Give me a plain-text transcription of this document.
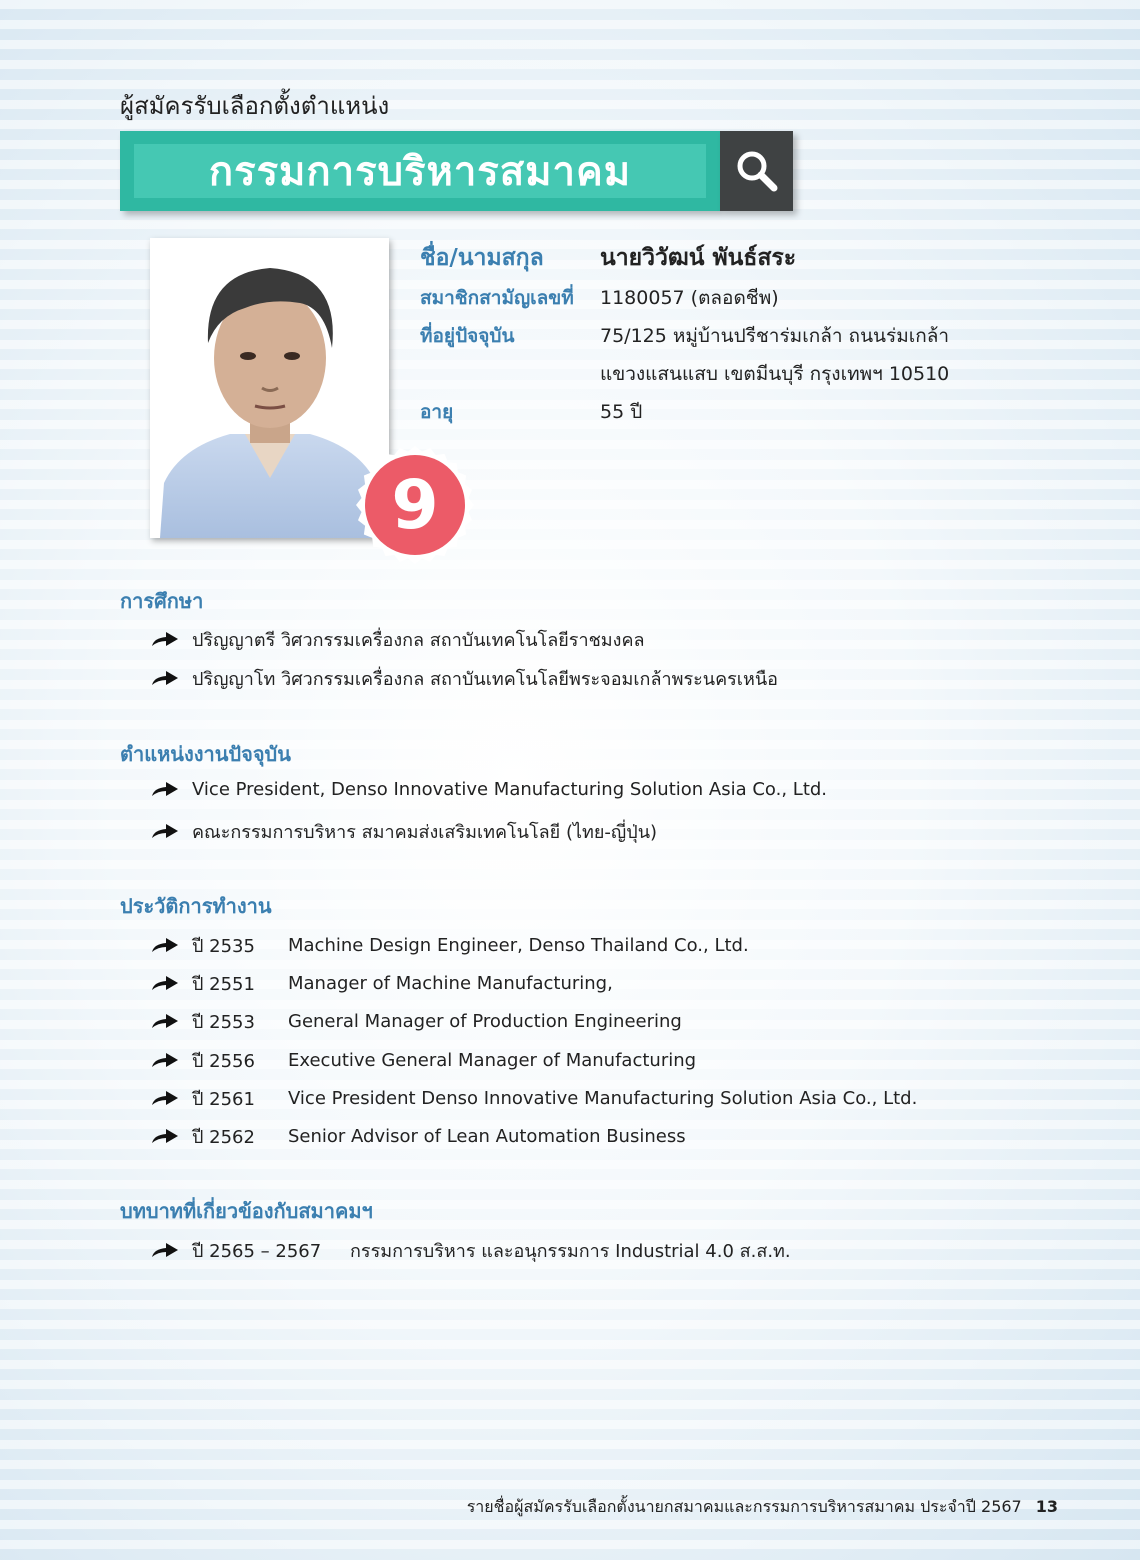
ผู้สมัครรับเลือกตั้งตำแหน่ง
กรรมการบริหารสมาคม
9
ชื่อ/นามสกุล นายวิวัฒน์ พันธ์สระ
สมาชิกสามัญเลขที่ 1180057 (ตลอดชีพ)
ที่อยู่ปัจจุบัน	75/125 หมู่บ้านปรีชาร่มเกล้า ถนนร่มเกล้า
แขวงแสนแสบ เขตมีนบุรี กรุงเทพฯ 10510
อายุ	55 ปี
การศึกษา
ปริญญาตรี วิศวกรรมเครื่องกล สถาบันเทคโนโลยีราชมงคล
ปริญญาโท วิศวกรรมเครื่องกล สถาบันเทคโนโลยีพระจอมเกล้าพระนครเหนือ
ตำแหน่งงานปัจจุบัน
Vice President, Denso Innovative Manufacturing Solution Asia Co., Ltd.
คณะกรรมการบริหาร สมาคมส่งเสริมเทคโนโลยี (ไทย-ญี่ปุ่น)
ประวัติการทำงาน
ปี 2535	Machine Design Engineer, Denso Thailand Co., Ltd.
ปี 2551	Manager of Machine Manufacturing,
ปี 2553	General Manager of Production Engineering
ปี 2556	Executive General Manager of Manufacturing
ปี 2561	Vice President Denso Innovative Manufacturing Solution Asia Co., Ltd.
ปี 2562	Senior Advisor of Lean Automation Business
บทบาทที่เกี่ยวข้องกับสมาคมฯ
ปี 2565 – 2567	กรรมการบริหาร และอนุกรรมการ Industrial 4.0 ส.ส.ท.
รายชื่อผู้สมัครรับเลือกตั้งนายกสมาคมและกรรมการบริหารสมาคม ประจำปี 2567 13
